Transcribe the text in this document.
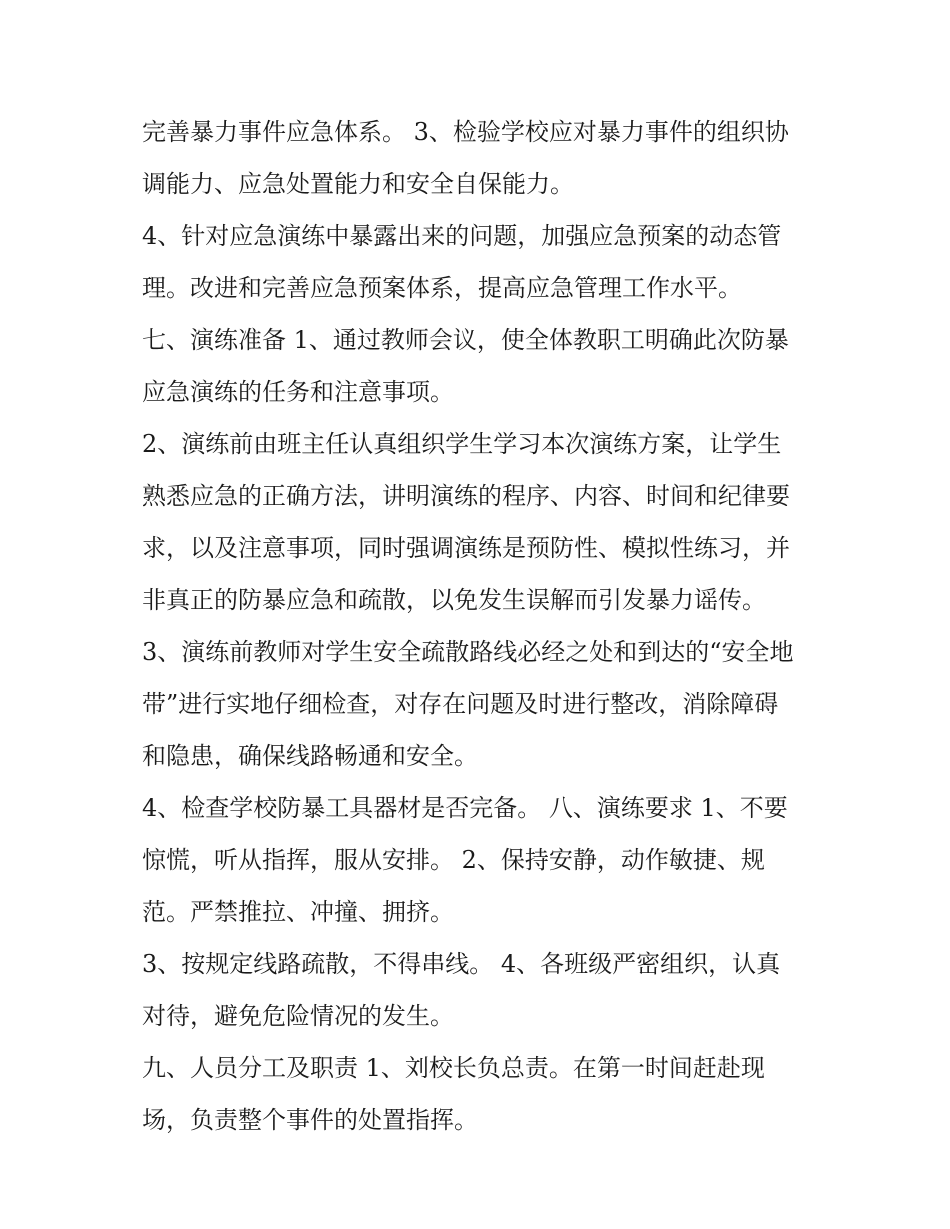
完善暴力事件应急体系。 3、检验学校应对暴力事件的组织协
调能力、应急处置能力和安全自保能力。
4、针对应急演练中暴露出来的问题，加强应急预案的动态管
理。改进和完善应急预案体系，提高应急管理工作水平。
七、演练准备 1、通过教师会议，使全体教职工明确此次防暴
应急演练的任务和注意事项。
2、演练前由班主任认真组织学生学习本次演练方案，让学生
熟悉应急的正确方法，讲明演练的程序、内容、时间和纪律要
求，以及注意事项，同时强调演练是预防性、模拟性练习，并
非真正的防暴应急和疏散，以免发生误解而引发暴力谣传。
3、演练前教师对学生安全疏散路线必经之处和到达的“安全地
带”进行实地仔细检查，对存在问题及时进行整改，消除障碍
和隐患，确保线路畅通和安全。
4、检查学校防暴工具器材是否完备。 八、演练要求 1、不要
惊慌，听从指挥，服从安排。 2、保持安静，动作敏捷、规
范。严禁推拉、冲撞、拥挤。
3、按规定线路疏散，不得串线。 4、各班级严密组织，认真
对待，避免危险情况的发生。
九、人员分工及职责 1、刘校长负总责。在第一时间赶赴现
场，负责整个事件的处置指挥。
